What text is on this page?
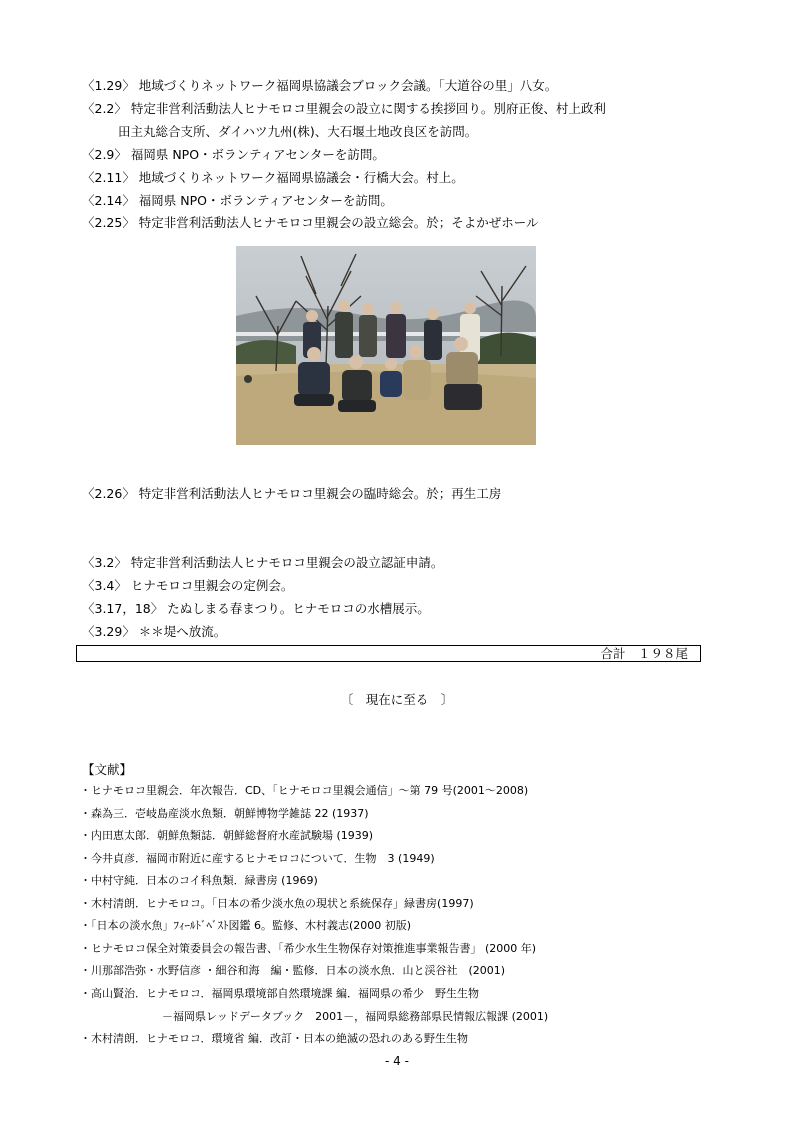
〈1.29〉 地域づくりネットワーク福岡県協議会ブロック会議。「大道谷の里」八女。
〈2.2〉 特定非営利活動法人ヒナモロコ里親会の設立に関する挨拶回り。別府正俊、村上政利
田主丸総合支所、ダイハツ九州(株)、大石堰土地改良区を訪問。
〈2.9〉 福岡県 NPO・ボランティアセンターを訪問。
〈2.11〉 地域づくりネットワーク福岡県協議会・行橋大会。村上。
〈2.14〉 福岡県 NPO・ボランティアセンターを訪問。
〈2.25〉 特定非営利活動法人ヒナモロコ里親会の設立総会。於；そよかぜホール
〈2.26〉 特定非営利活動法人ヒナモロコ里親会の臨時総会。於；再生工房
〈3.2〉 特定非営利活動法人ヒナモロコ里親会の設立認証申請。
〈3.4〉 ヒナモロコ里親会の定例会。
〈3.17，18〉 たぬしまる春まつり。ヒナモロコの水槽展示。
〈3.29〉 ＊＊堤へ放流。
合計　１９８尾
〔　現在に至る　〕
【文献】
・ヒナモロコ里親会．年次報告．CD、「ヒナモロコ里親会通信」～第 79 号(2001～2008)
・森為三．壱岐島産淡水魚類．朝鮮博物学雑誌 22 (1937)
・内田恵太郎．朝鮮魚類誌．朝鮮総督府水産試験場 (1939)
・今井貞彦．福岡市附近に産するヒナモロコについて．生物　3 (1949)
・中村守純．日本のコイ科魚類．緑書房 (1969)
・木村清朗．ヒナモロコ。「日本の希少淡水魚の現状と系統保存」緑書房(1997)
・「日本の淡水魚」ﾌｨｰﾙﾄﾞﾍﾞｽﾄ図鑑 6。監修、木村義志(2000 初版)
・ヒナモロコ保全対策委員会の報告書、「希少水生生物保存対策推進事業報告書」 (2000 年)
・川那部浩弥・水野信彦 ・細谷和海　編・監修．日本の淡水魚．山と渓谷社　(2001)
・高山賢治．ヒナモロコ．福岡県環境部自然環境課 編．福岡県の希少　野生生物
－福岡県レッドデータブック　2001－，福岡県総務部県民情報広報課 (2001)
・木村清朗．ヒナモロコ．環境省 編．改訂・日本の絶滅の恐れのある野生生物
- 4 -
